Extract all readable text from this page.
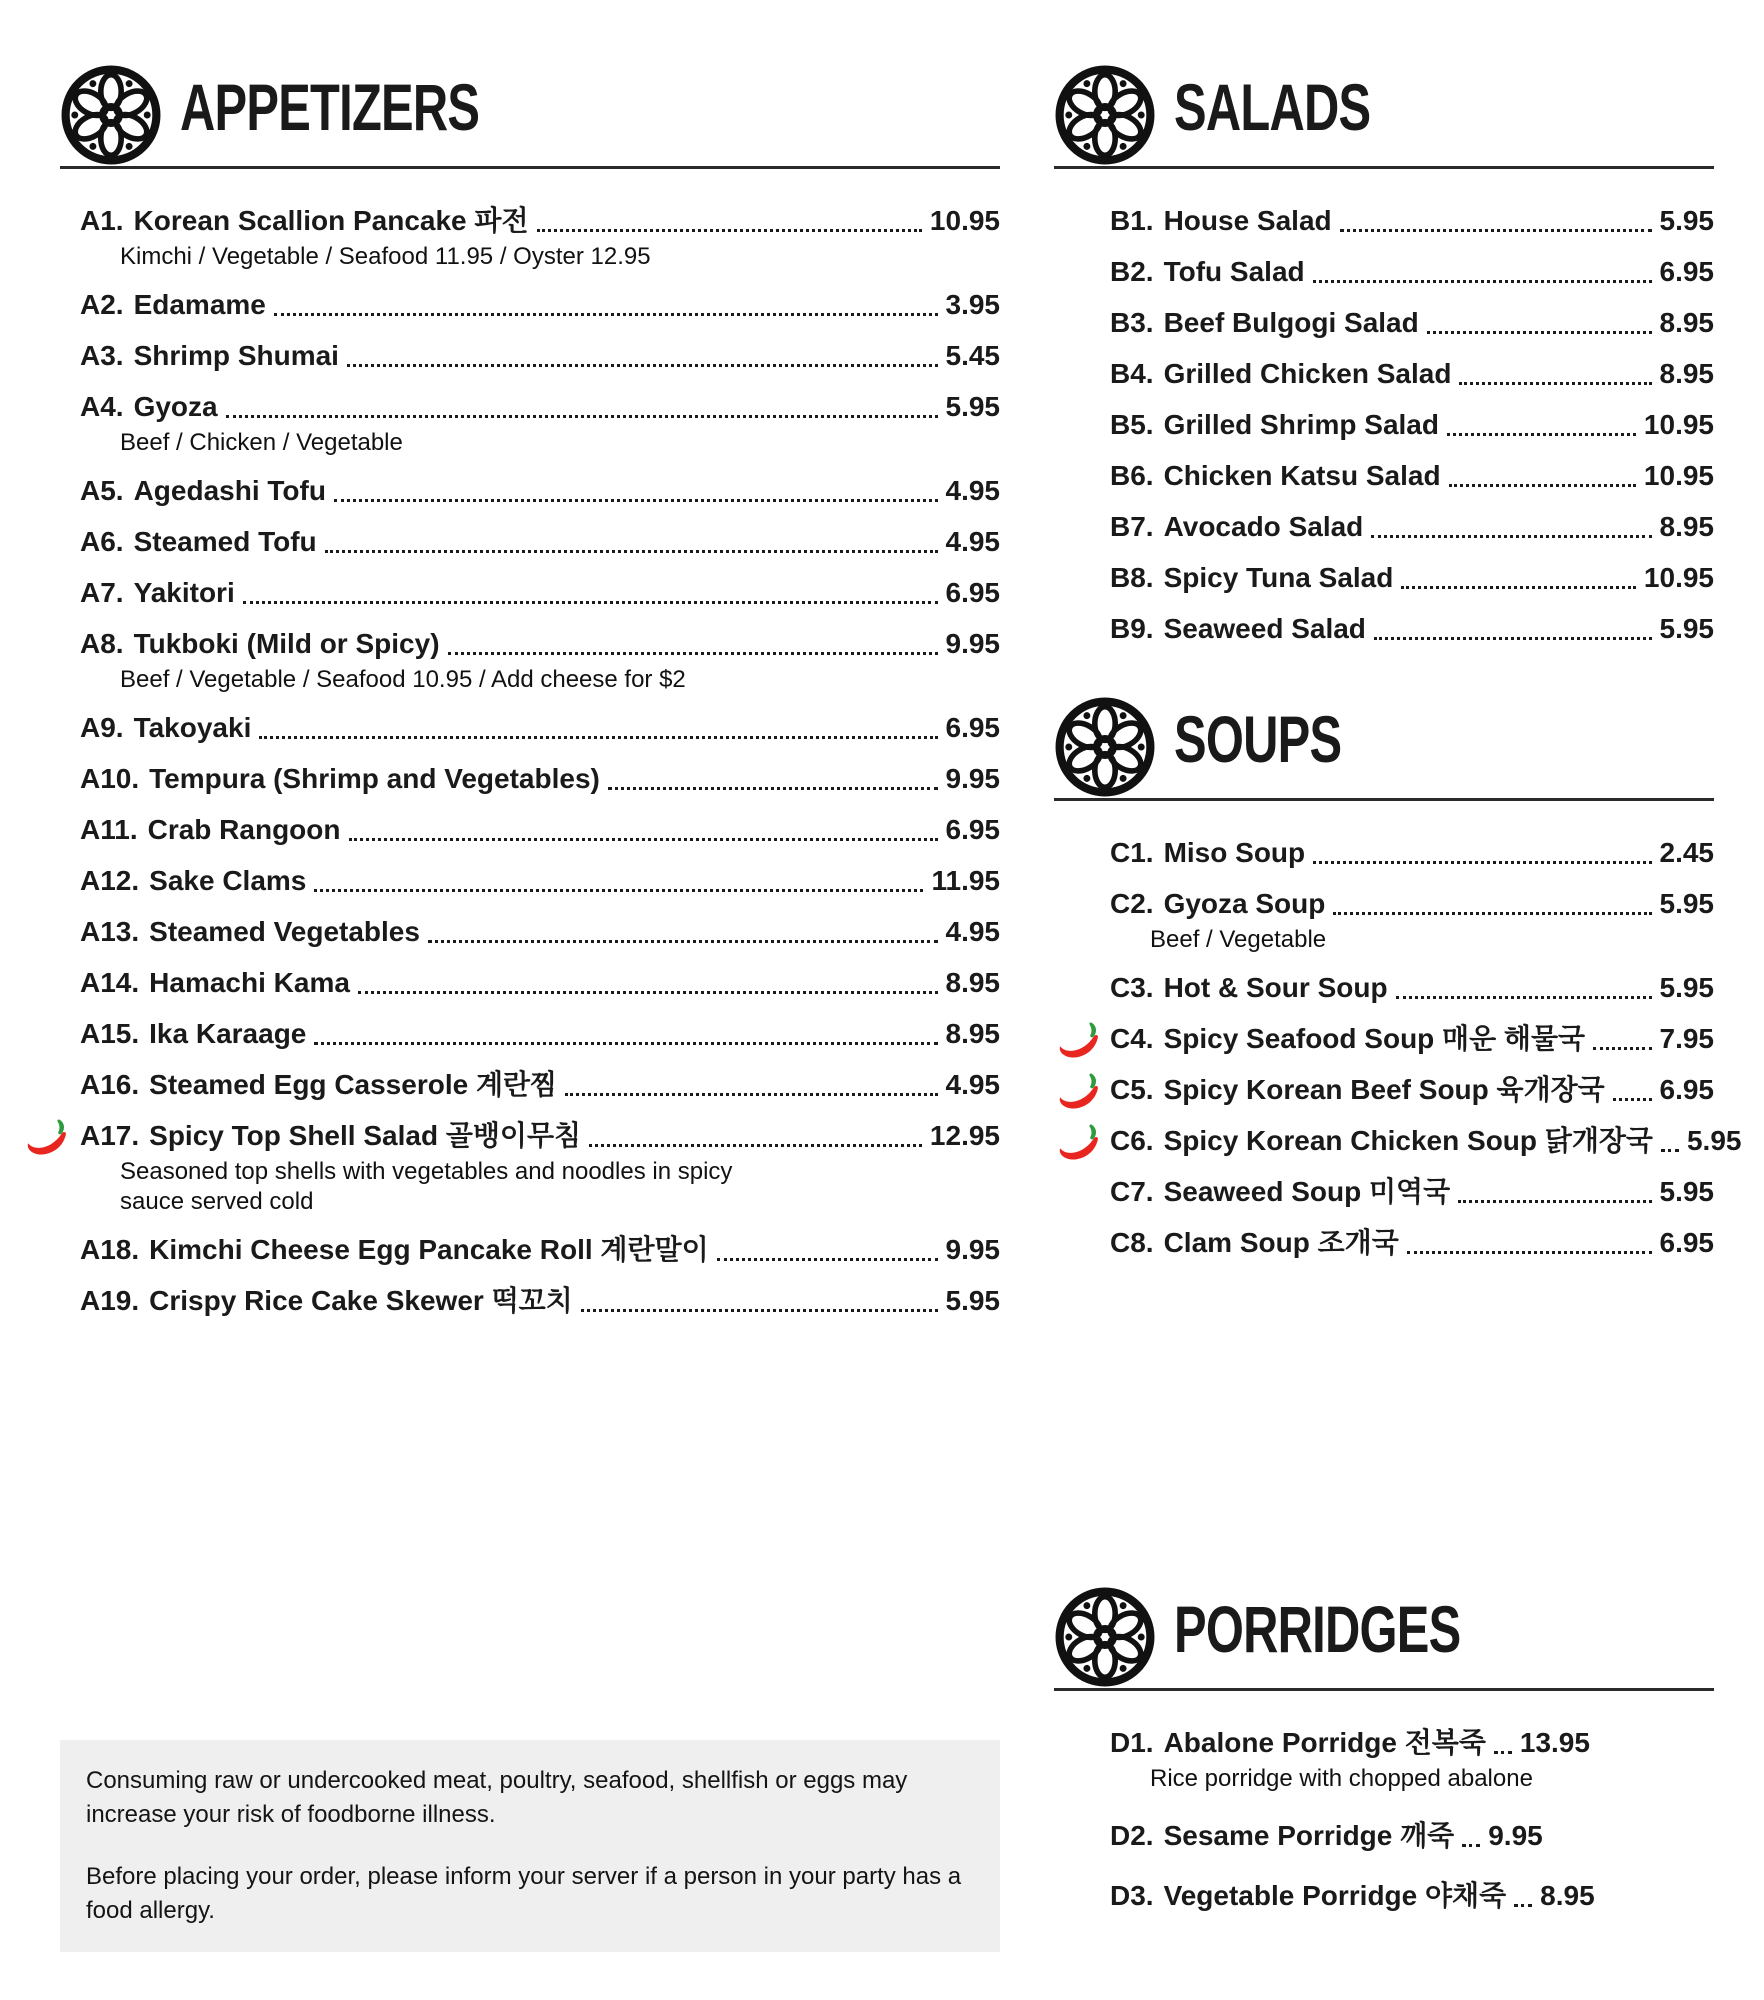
APPETIZERS
A1. Korean Scallion Pancake 파전	10.95
Kimchi / Vegetable / Seafood 11.95 / Oyster 12.95
A2. Edamame	3.95
A3. Shrimp Shumai	5.45
A4. Gyoza	5.95
Beef / Chicken / Vegetable
A5. Agedashi Tofu	4.95
A6. Steamed Tofu	4.95
A7. Yakitori	6.95
A8. Tukboki (Mild or Spicy)	9.95
Beef / Vegetable / Seafood 10.95 / Add cheese for $2
A9. Takoyaki	6.95
A10. Tempura (Shrimp and Vegetables)	9.95
A11. Crab Rangoon	6.95
A12. Sake Clams	11.95
A13. Steamed Vegetables	4.95
A14. Hamachi Kama	8.95
A15. Ika Karaage	8.95
A16. Steamed Egg Casserole 계란찜	4.95
A17. Spicy Top Shell Salad 골뱅이무침	12.95
Seasoned top shells with vegetables and noodles in spicy sauce served cold
A18. Kimchi Cheese Egg Pancake Roll 계란말이	9.95
A19. Crispy Rice Cake Skewer 떡꼬치	5.95

Consuming raw or undercooked meat, poultry, seafood, shellfish or eggs may increase your risk of foodborne illness.

Before placing your order, please inform your server if a person in your party has a food allergy.

SALADS
B1. House Salad	5.95
B2. Tofu Salad	6.95
B3. Beef Bulgogi Salad	8.95
B4. Grilled Chicken Salad	8.95
B5. Grilled Shrimp Salad	10.95
B6. Chicken Katsu Salad	10.95
B7. Avocado Salad	8.95
B8. Spicy Tuna Salad	10.95
B9. Seaweed Salad	5.95
SOUPS
C1. Miso Soup	2.45
C2. Gyoza Soup	5.95
Beef / Vegetable
C3. Hot & Sour Soup	5.95
C4. Spicy Seafood Soup 매운 해물국	7.95
C5. Spicy Korean Beef Soup 육개장국 6.95
C6. Spicy Korean Chicken Soup 닭개장국 5.95
C7. Seaweed Soup 미역국	5.95
C8. Clam Soup 조개국	6.95
PORRIDGES
D1. Abalone Porridge 전복죽 13.95
Rice porridge with chopped abalone
D2. Sesame Porridge 깨죽 9.95
D3. Vegetable Porridge 야채죽 8.95
